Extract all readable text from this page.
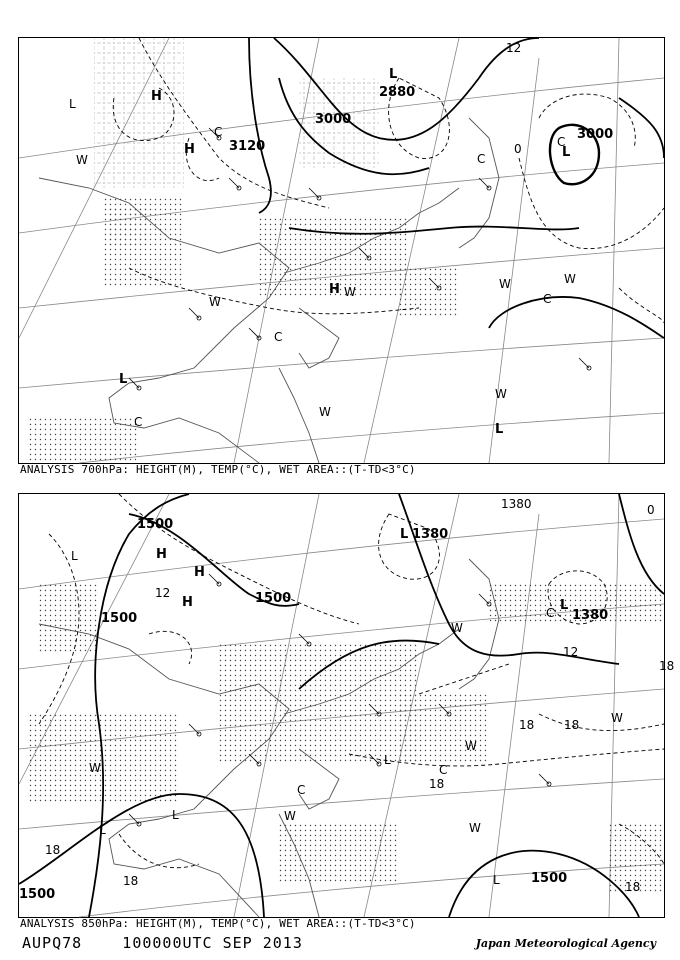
3120
3000
2880
3000
H
H
L
L
L
L
L
H
W
W
W
W	W
W
W
C
C
C
C
C
C
0
12
ANALYSIS 700hPa: HEIGHT(M), TEMP(°C), WET AREA::(T-TD<3°C)
1500
1500
1500
1380
1380
1500
1500
1380
H
H
L
L
L
L
L
L
L
H
W
W
W
W
W
W
C
C
C
12
18
18 18
18
18
18
12
0
18
ANALYSIS 850hPa: HEIGHT(M), TEMP(°C), WET AREA::(T-TD<3°C)
AUPQ78    100000UTC SEP 2013	Japan Meteorological Agency
